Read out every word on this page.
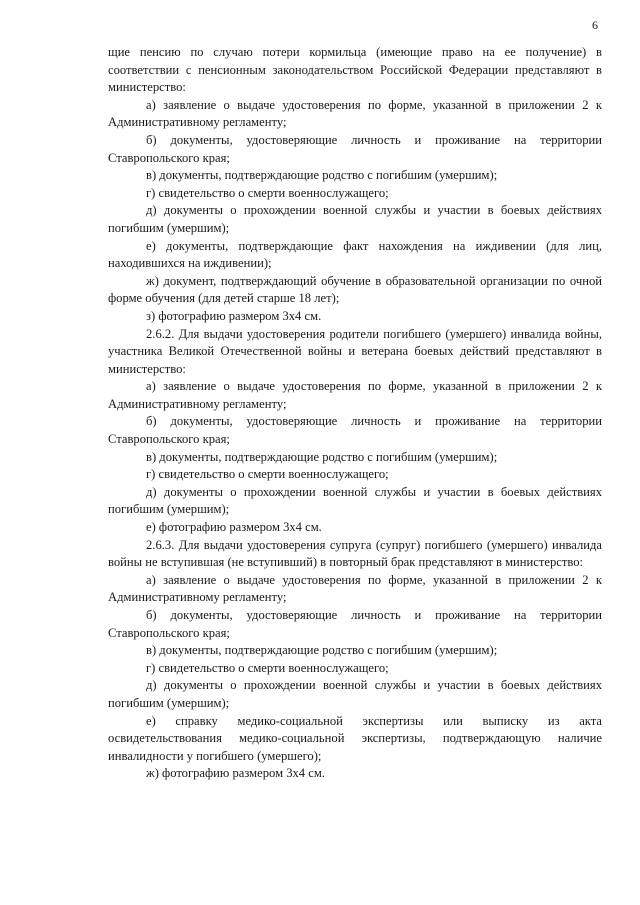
6

щие пенсию по случаю потери кормильца (имеющие право на ее получение) в соответствии с пенсионным законодательством Российской Федерации представляют в министерство:

а) заявление о выдаче удостоверения по форме, указанной в приложении 2 к Административному регламенту;

б) документы, удостоверяющие личность и проживание на территории Ставропольского края;

в) документы, подтверждающие родство с погибшим (умершим);

г) свидетельство о смерти военнослужащего;

д) документы о прохождении военной службы и участии в боевых действиях погибшим (умершим);

е) документы, подтверждающие факт нахождения на иждивении (для лиц, находившихся на иждивении);

ж) документ, подтверждающий обучение в образовательной организации по очной форме обучения (для детей старше 18 лет);

з) фотографию размером 3х4 см.

2.6.2. Для выдачи удостоверения родители погибшего (умершего) инвалида войны, участника Великой Отечественной войны и ветерана боевых действий представляют в министерство:

а) заявление о выдаче удостоверения по форме, указанной в приложении 2 к Административному регламенту;

б) документы, удостоверяющие личность и проживание на территории Ставропольского края;

в) документы, подтверждающие родство с погибшим (умершим);

г) свидетельство о смерти военнослужащего;

д) документы о прохождении военной службы и участии в боевых действиях погибшим (умершим);

е) фотографию размером 3х4 см.

2.6.3. Для выдачи удостоверения супруга (супруг) погибшего (умершего) инвалида войны не вступившая (не вступивший) в повторный брак представляют в министерство:

а) заявление о выдаче удостоверения по форме, указанной в приложении 2 к Административному регламенту;

б) документы, удостоверяющие личность и проживание на территории Ставропольского края;

в) документы, подтверждающие родство с погибшим (умершим);

г) свидетельство о смерти военнослужащего;

д) документы о прохождении военной службы и участии в боевых действиях погибшим (умершим);

е) справку медико-социальной экспертизы или выписку из акта освидетельствования медико-социальной экспертизы, подтверждающую наличие инвалидности у погибшего (умершего);

ж) фотографию размером 3х4 см.
